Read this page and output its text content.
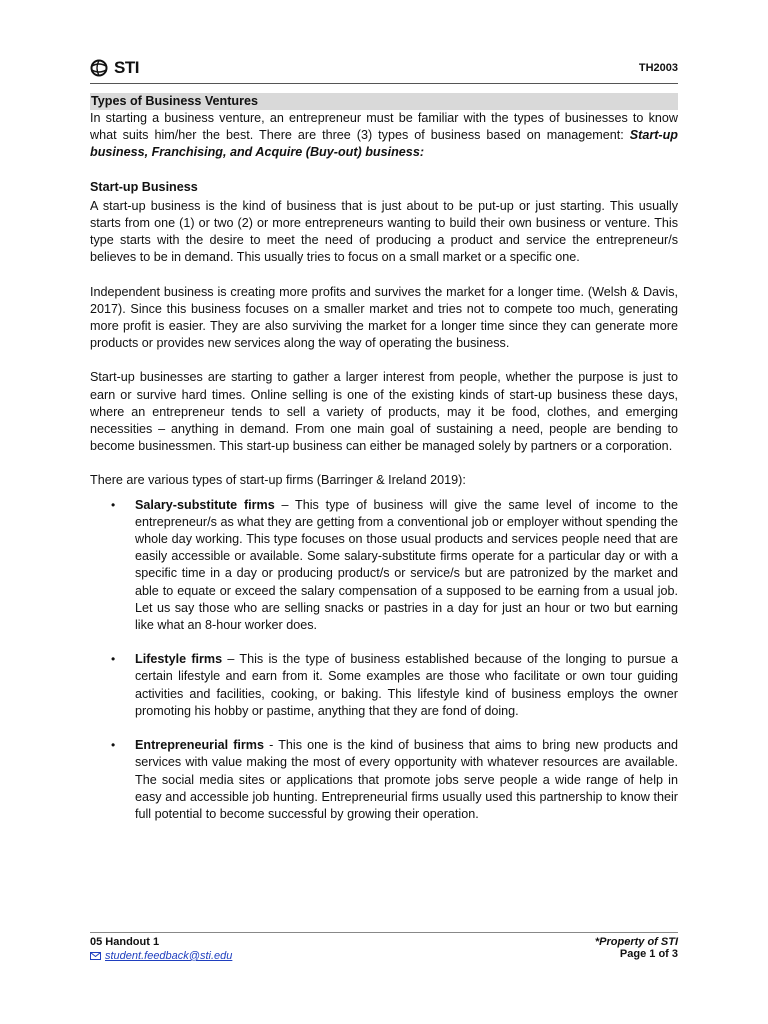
STI	TH2003
Types of Business Ventures

In starting a business venture, an entrepreneur must be familiar with the types of businesses to know what suits him/her the best. There are three (3) types of business based on management: Start-up business, Franchising, and Acquire (Buy-out) business:

Start-up Business

A start-up business is the kind of business that is just about to be put-up or just starting. This usually starts from one (1) or two (2) or more entrepreneurs wanting to build their own business or venture. This type starts with the desire to meet the need of producing a product and service the entrepreneur/s believes to be in demand. This usually tries to focus on a small market or a specific one.

Independent business is creating more profits and survives the market for a longer time. (Welsh & Davis, 2017). Since this business focuses on a smaller market and tries not to compete too much, generating more profit is easier. They are also surviving the market for a longer time since they can generate more products or provides new services along the way of operating the business.

Start-up businesses are starting to gather a larger interest from people, whether the purpose is just to earn or survive hard times. Online selling is one of the existing kinds of start-up business these days, where an entrepreneur tends to sell a variety of products, may it be food, clothes, and emerging necessities – anything in demand. From one main goal of sustaining a need, people are bending to become businessmen. This start-up business can either be managed solely by partners or a corporation.

There are various types of start-up firms (Barringer & Ireland 2019):

• Salary-substitute firms – This type of business will give the same level of income to the entrepreneur/s as what they are getting from a conventional job or employer without spending the whole day working. This type focuses on those usual products and services people need that are easily accessible or available. Some salary-substitute firms operate for a particular day or with a specific time in a day or producing product/s or service/s but are patronized by the market and able to equate or exceed the salary compensation of a supposed to be earning from a usual job. Let us say those who are selling snacks or pastries in a day for just an hour or two but earning like what an 8-hour worker does.
• Lifestyle firms – This is the type of business established because of the longing to pursue a certain lifestyle and earn from it. Some examples are those who facilitate or own tour guiding activities and facilities, cooking, or baking. This lifestyle kind of business employs the owner promoting his hobby or pastime, anything that they are fond of doing.
• Entrepreneurial firms - This one is the kind of business that aims to bring new products and services with value making the most of every opportunity with whatever resources are available. The social media sites or applications that promote jobs serve people a wide range of help in easy and accessible job hunting. Entrepreneurial firms usually used this partnership to know their full potential to become successful by growing their operation.
05 Handout 1
student.feedback@sti.edu
*Property of STI
Page 1 of 3
